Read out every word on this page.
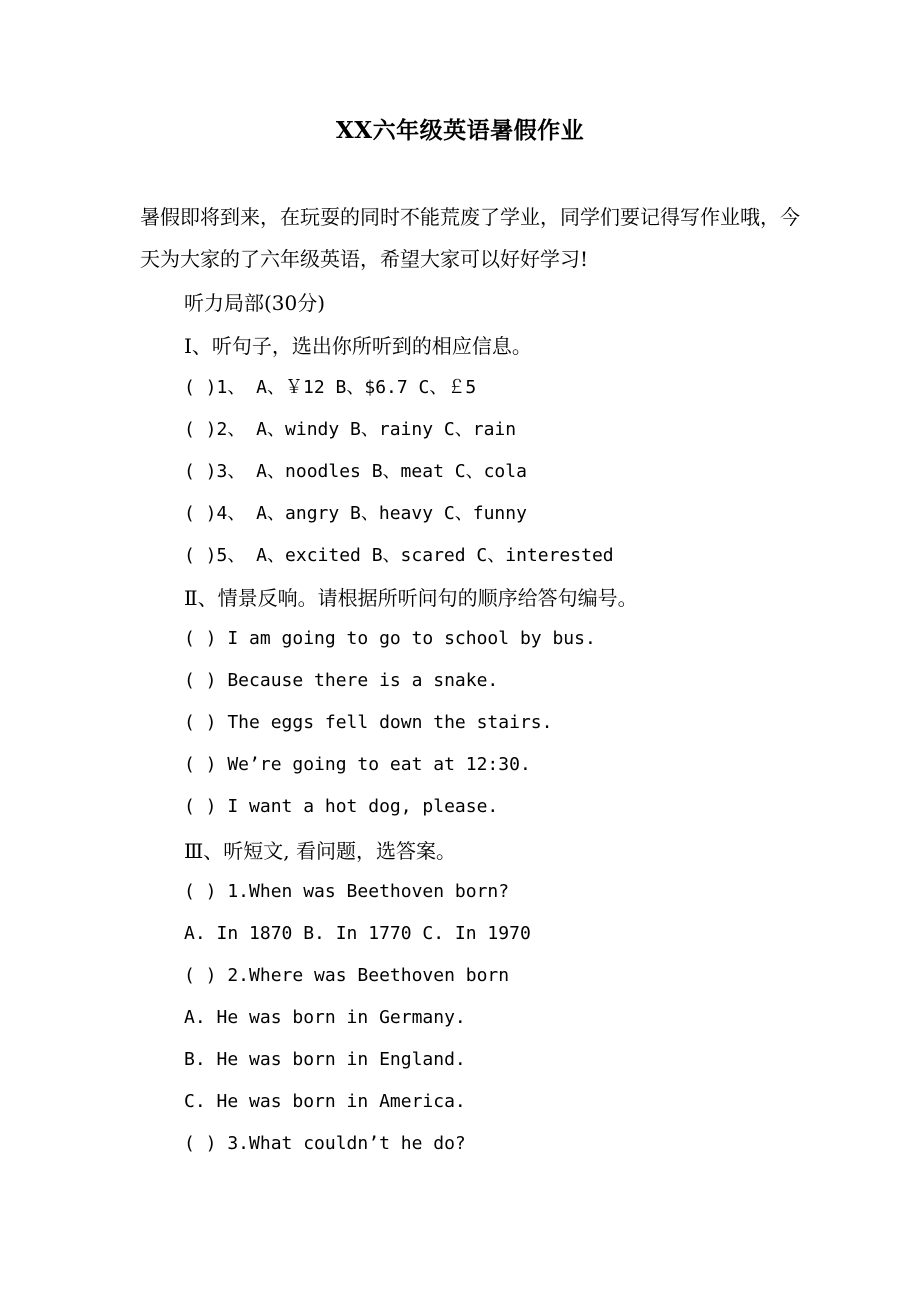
XX六年级英语暑假作业
暑假即将到来，在玩耍的同时不能荒废了学业，同学们要记得写作业哦，今天为大家的了六年级英语，希望大家可以好好学习!
听力局部(30分)
Ⅰ、听句子，选出你所听到的相应信息。
( )1、 A、￥12 B、$6.7 C、￡5
( )2、 A、windy B、rainy C、rain
( )3、 A、noodles B、meat C、cola
( )4、 A、angry B、heavy C、funny
( )5、 A、excited B、scared C、interested
Ⅱ、情景反响。请根据所听问句的顺序给答句编号。
( ) I am going to go to school by bus.
( ) Because there is a snake.
( ) The eggs fell down the stairs.
( ) We’re going to eat at 12:30.
( ) I want a hot dog, please.
Ⅲ、听短文, 看问题，选答案。
( ) 1.When was Beethoven born?
A. In 1870 B. In 1770 C. In 1970
( ) 2.Where was Beethoven born
A. He was born in Germany.
B. He was born in England.
C. He was born in America.
( ) 3.What couldn’t he do?
